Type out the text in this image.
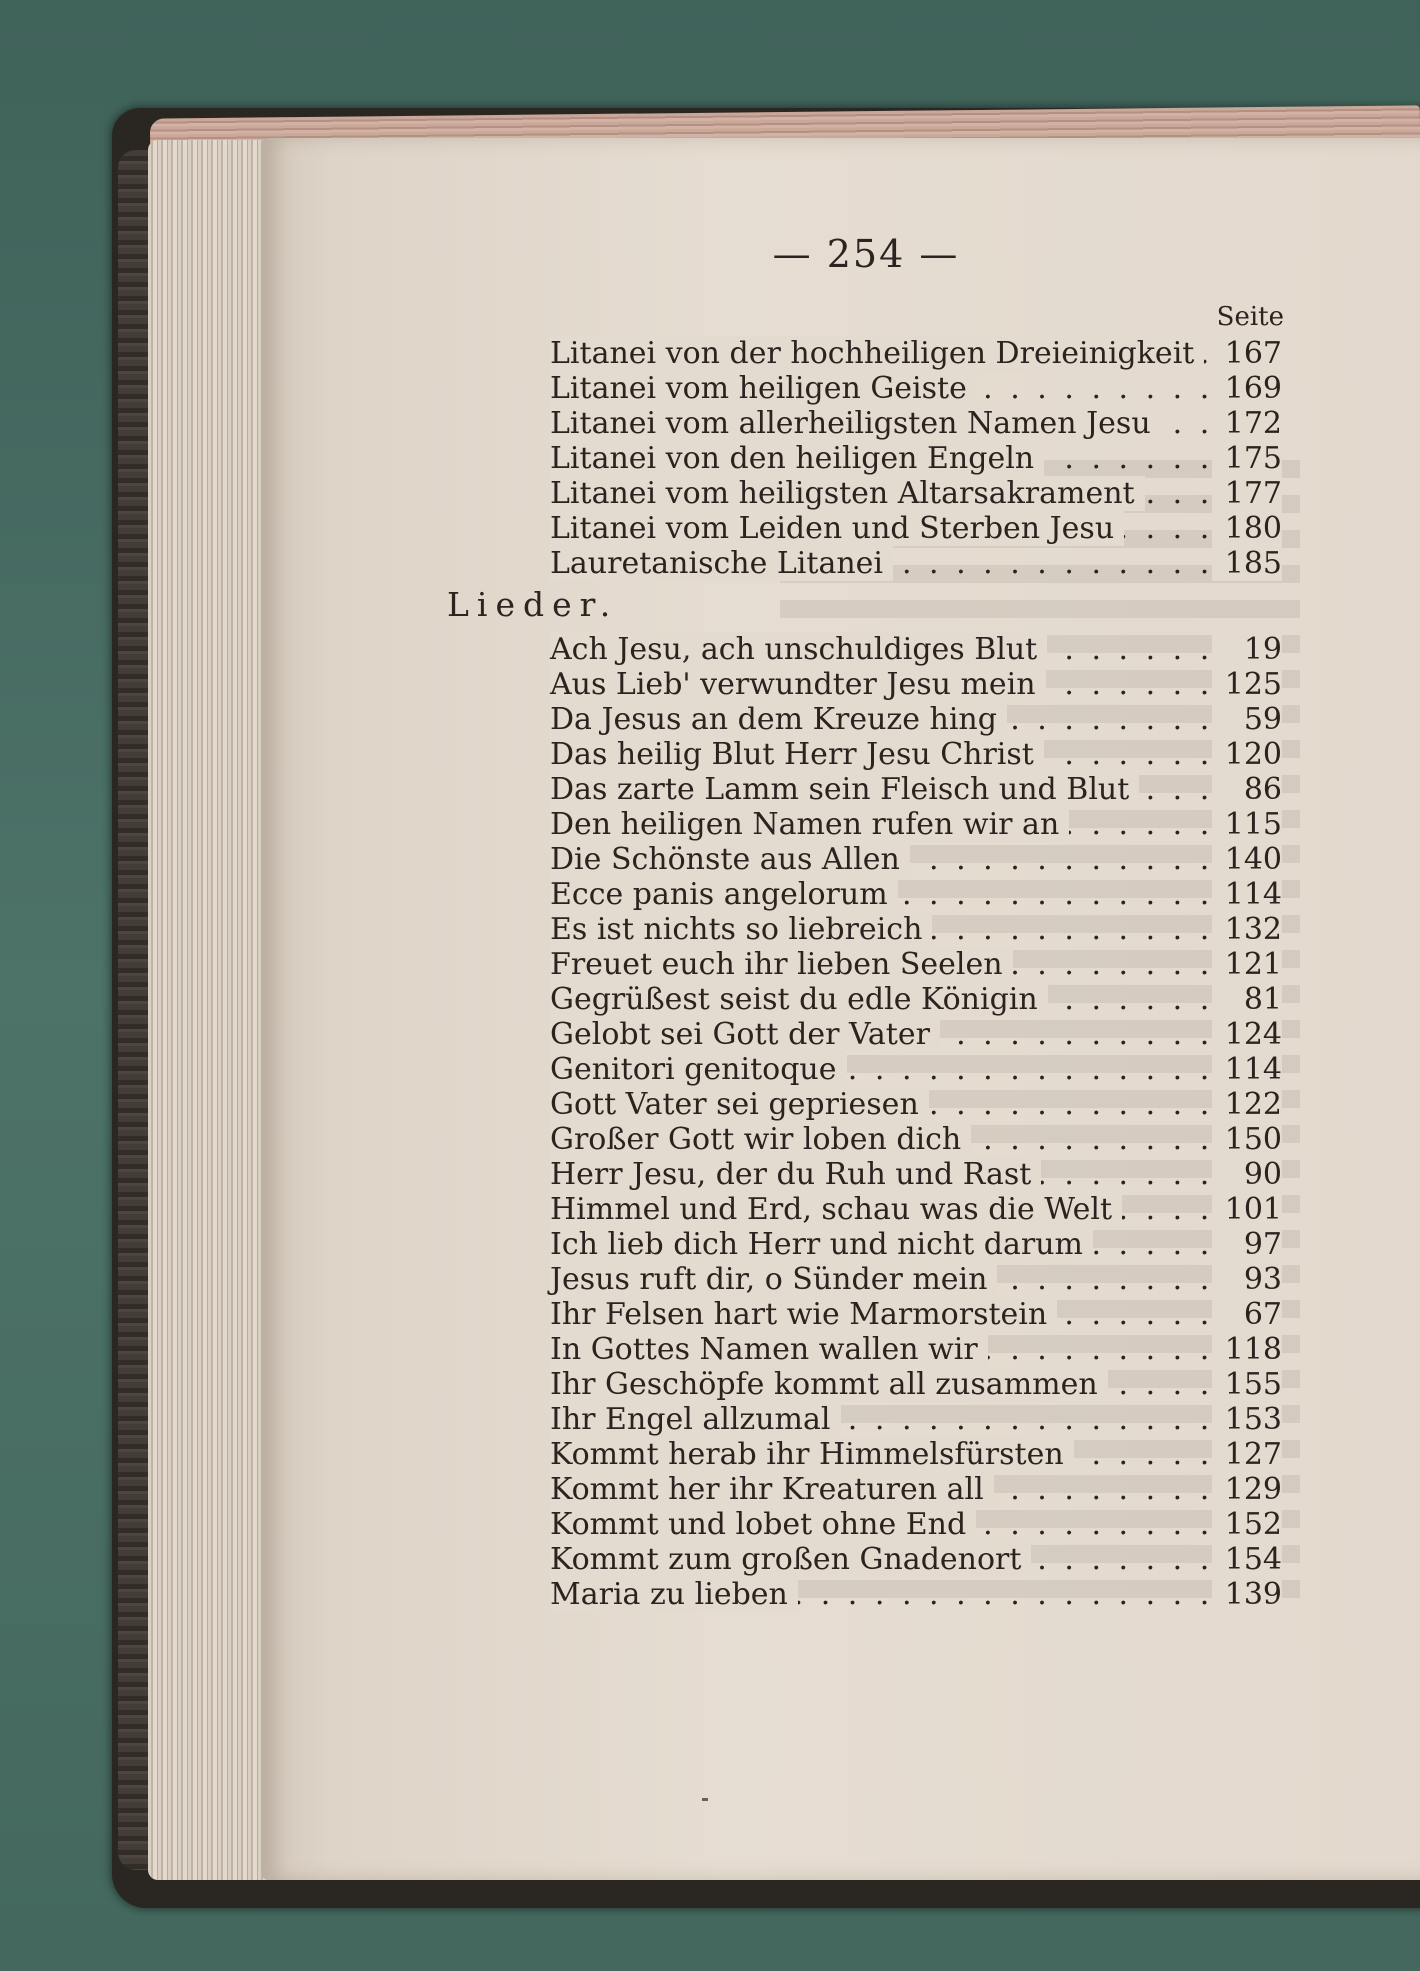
— 254 —
Seite
. . .
Litanei von der hochheiligen Dreieinigkeit	167
. . .
Litanei vom heiligen Geiste	169
. . .
Litanei vom allerheiligsten Namen Jesu	172
. . .
Litanei von den heiligen Engeln	175
. . .
Litanei vom heiligsten Altarsakrament	177
. . .
Litanei vom Leiden und Sterben Jesu	180
. . .
Lauretanische Litanei	185
Lieder.
. . .
Ach Jesu, ach unschuldiges Blut	19
. . .
Aus Lieb' verwundter Jesu mein	125
. . .
Da Jesus an dem Kreuze hing	59
. . .
Das heilig Blut Herr Jesu Christ	120
. . .
Das zarte Lamm sein Fleisch und Blut	86
. . .
Den heiligen Namen rufen wir an	115
. . .
Die Schönste aus Allen	140
. . .
Ecce panis angelorum	114
. . .
Es ist nichts so liebreich	132
. . .
Freuet euch ihr lieben Seelen	121
. . .
Gegrüßest seist du edle Königin	81
. . .
Gelobt sei Gott der Vater	124
. . .
Genitori genitoque	114
. . .
Gott Vater sei gepriesen	122
. . .
Großer Gott wir loben dich	150
. . .
Herr Jesu, der du Ruh und Rast	90
. . .
Himmel und Erd, schau was die Welt	101
. . .
Ich lieb dich Herr und nicht darum	97
. . .
Jesus ruft dir, o Sünder mein	93
. . .
Ihr Felsen hart wie Marmorstein	67
. . .
In Gottes Namen wallen wir	118
. . .
Ihr Geschöpfe kommt all zusammen	155
. . .
Ihr Engel allzumal	153
. . .
Kommt herab ihr Himmelsfürsten	127
. . .
Kommt her ihr Kreaturen all	129
. . .
Kommt und lobet ohne End	152
. . .
Kommt zum großen Gnadenort	154
. . .
Maria zu lieben	139
